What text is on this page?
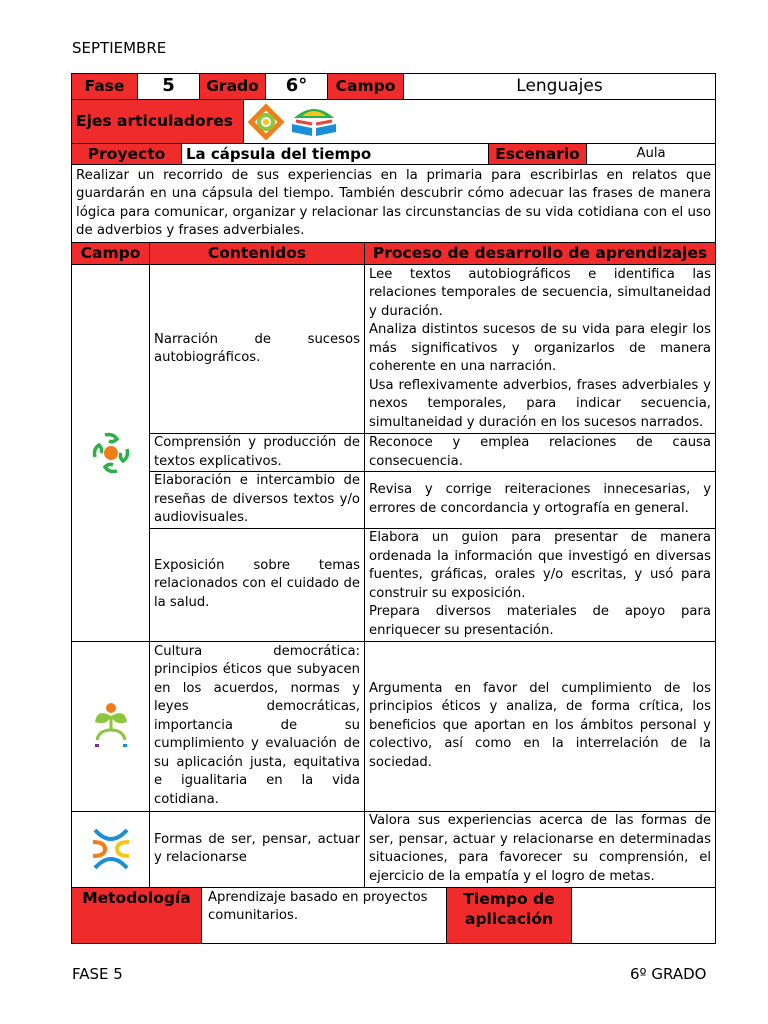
SEPTIEMBRE
Fase	5	Grado	6°	Campo	Lenguajes
Ejes articuladores	
Proyecto	La cápsula del tiempo	Escenario	Aula
Realizar un recorrido de sus experiencias en la primaria para escribirlas en relatos que guardarán en una cápsula del tiempo. También descubrir cómo adecuar las frases de manera lógica para comunicar, organizar y relacionar las circunstancias de su vida cotidiana con el uso de adverbios y frases adverbiales.
Campo	Contenidos	Proceso de desarrollo de aprendizajes

Narración de sucesos autobiográficos.	Lee textos autobiográficos e identifica las relaciones temporales de secuencia, simultaneidad y duración.
Analiza distintos sucesos de su vida para elegir los más significativos y organizarlos de manera coherente en una narración.
Usa reflexivamente adverbios, frases adverbiales y nexos temporales, para indicar secuencia, simultaneidad y duración en los sucesos narrados.

	Comprensión y producción de textos explicativos.	Reconoce y emplea relaciones de causa consecuencia.

	Elaboración e intercambio de reseñas de diversos textos y/o audiovisuales.	Revisa y corrige reiteraciones innecesarias, y errores de concordancia y ortografía en general.

	Exposición sobre temas relacionados con el cuidado de la salud.	Elabora un guion para presentar de manera ordenada la información que investigó en diversas fuentes, gráficas, orales y/o escritas, y usó para construir su exposición.
Prepara diversos materiales de apoyo para enriquecer su presentación.

Cultura democrática: principios éticos que subyacen en los acuerdos, normas y leyes democráticas, importancia de su cumplimiento y evaluación de su aplicación justa, equitativa e igualitaria en la vida cotidiana.	Argumenta en favor del cumplimiento de los principios éticos y analiza, de forma crítica, los beneficios que aportan en los ámbitos personal y colectivo, así como en la interrelación de la sociedad.

Formas de ser, pensar, actuar y relacionarse	Valora sus experiencias acerca de las formas de ser, pensar, actuar y relacionarse en determinadas situaciones, para favorecer su comprensión, el ejercicio de la empatía y el logro de metas.
Metodología	Aprendizaje basado en proyectos comunitarios.	Tiempo de aplicación	
FASE 5	6º GRADO
